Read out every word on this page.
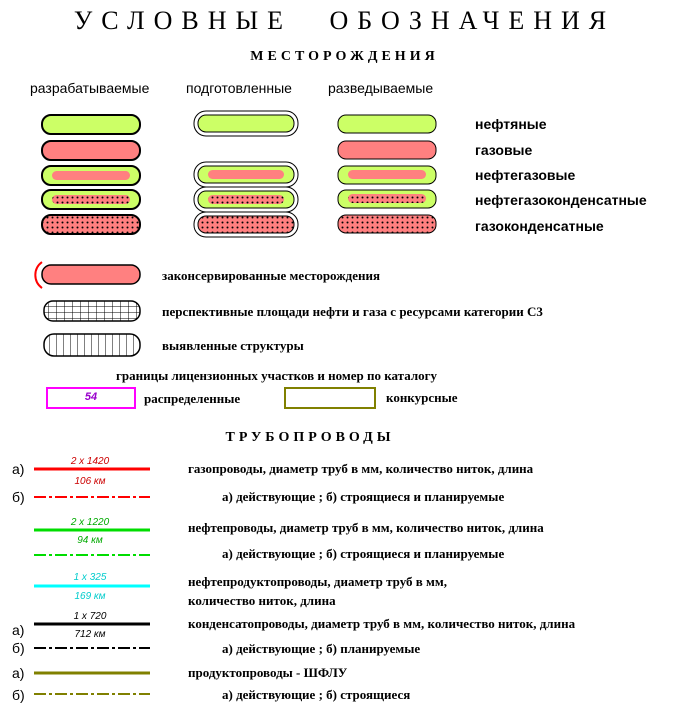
УСЛОВНЫЕ ОБОЗНАЧЕНИЯ
МЕСТОРОЖДЕНИЯ
разрабатываемые	подготовленные	разведываемые
нефтяные
газовые
нефтегазовые
нефтегазоконденсатные
газоконденсатные
законсервированные месторождения
перспективные площади нефти и газа с ресурсами категории С3
выявленные структуры
границы лицензионных участков и номер по каталогу
54	распределенные	конкурсные
ТРУБОПРОВОДЫ
а)
б)
2 х 1420
106 км
газопроводы, диаметр труб в мм, количество ниток, длина
а) действующие ; б) строящиеся и планируемые
2 х 1220
94 км
нефтепроводы, диаметр труб в мм, количество ниток, длина
а) действующие ; б) строящиеся и планируемые
1 х 325
169 км
нефтепродуктопроводы, диаметр труб в мм,
количество ниток, длина
а)
б)
1 х 720
712 км
конденсатопроводы, диаметр труб в мм, количество ниток, длина
а) действующие ; б) планируемые
а)
б)
продуктопроводы - ШФЛУ
а) действующие ; б) строящиеся
